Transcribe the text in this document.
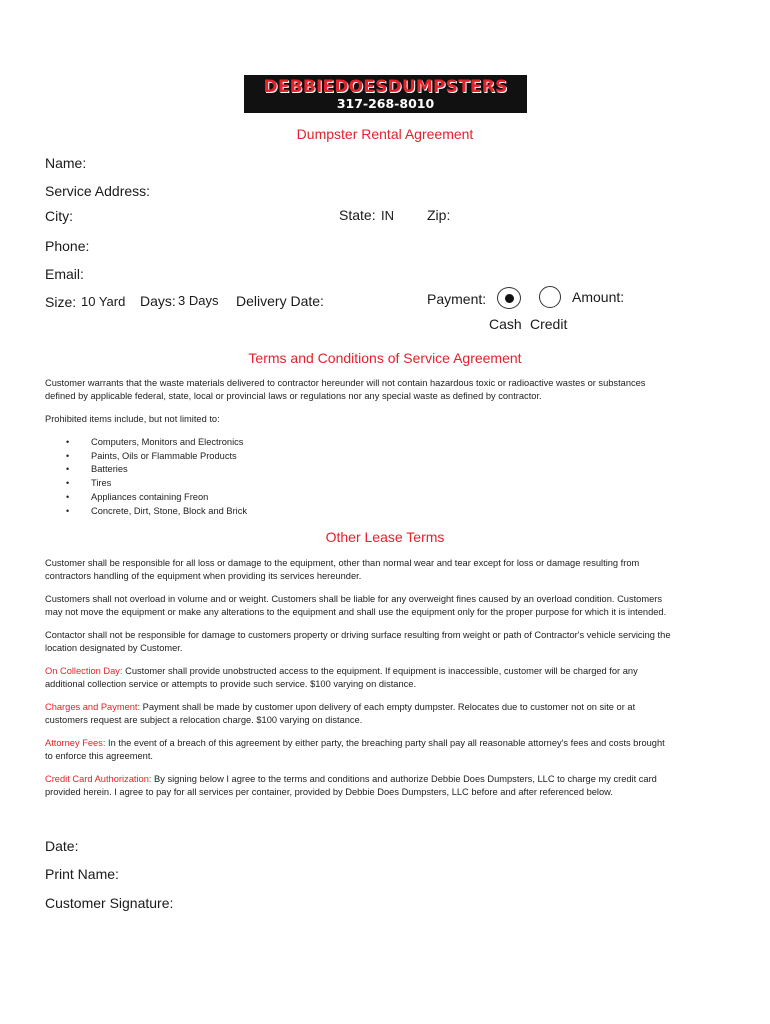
DEBBIEDOESDUMPSTERS
317-268-8010
Dumpster Rental Agreement
Name:
Service Address:
City:	State: IN Zip:
Phone:
Email:
Size: 10 Yard Days: 3 Days Delivery Date:	Payment:	Amount:
Cash Credit
Terms and Conditions of Service Agreement
Customer warrants that the waste materials delivered to contractor hereunder will not contain hazardous toxic or radioactive wastes or substances
defined by applicable federal, state, local or provincial laws or regulations nor any special waste as defined by contractor.
Prohibited items include, but not limited to:
• Computers, Monitors and Electronics
• Paints, Oils or Flammable Products
• Batteries
• Tires
• Appliances containing Freon
• Concrete, Dirt, Stone, Block and Brick
Other Lease Terms
Customer shall be responsible for all loss or damage to the equipment, other than normal wear and tear except for loss or damage resulting from
contractors handling of the equipment when providing its services hereunder.
Customers shall not overload in volume and or weight. Customers shall be liable for any overweight fines caused by an overload condition. Customers
may not move the equipment or make any alterations to the equipment and shall use the equipment only for the proper purpose for which it is intended.
Contactor shall not be responsible for damage to customers property or driving surface resulting from weight or path of Contractor's vehicle servicing the
location designated by Customer.
On Collection Day: Customer shall provide unobstructed access to the equipment. If equipment is inaccessible, customer will be charged for any
additional collection service or attempts to provide such service. $100 varying on distance.
Charges and Payment: Payment shall be made by customer upon delivery of each empty dumpster. Relocates due to customer not on site or at
customers request are subject a relocation charge. $100 varying on distance.
Attorney Fees: In the event of a breach of this agreement by either party, the breaching party shall pay all reasonable attorney's fees and costs brought
to enforce this agreement.
Credit Card Authorization: By signing below I agree to the terms and conditions and authorize Debbie Does Dumpsters, LLC to charge my credit card
provided herein. I agree to pay for all services per container, provided by Debbie Does Dumpsters, LLC before and after referenced below.
Date:
Print Name:
Customer Signature:
